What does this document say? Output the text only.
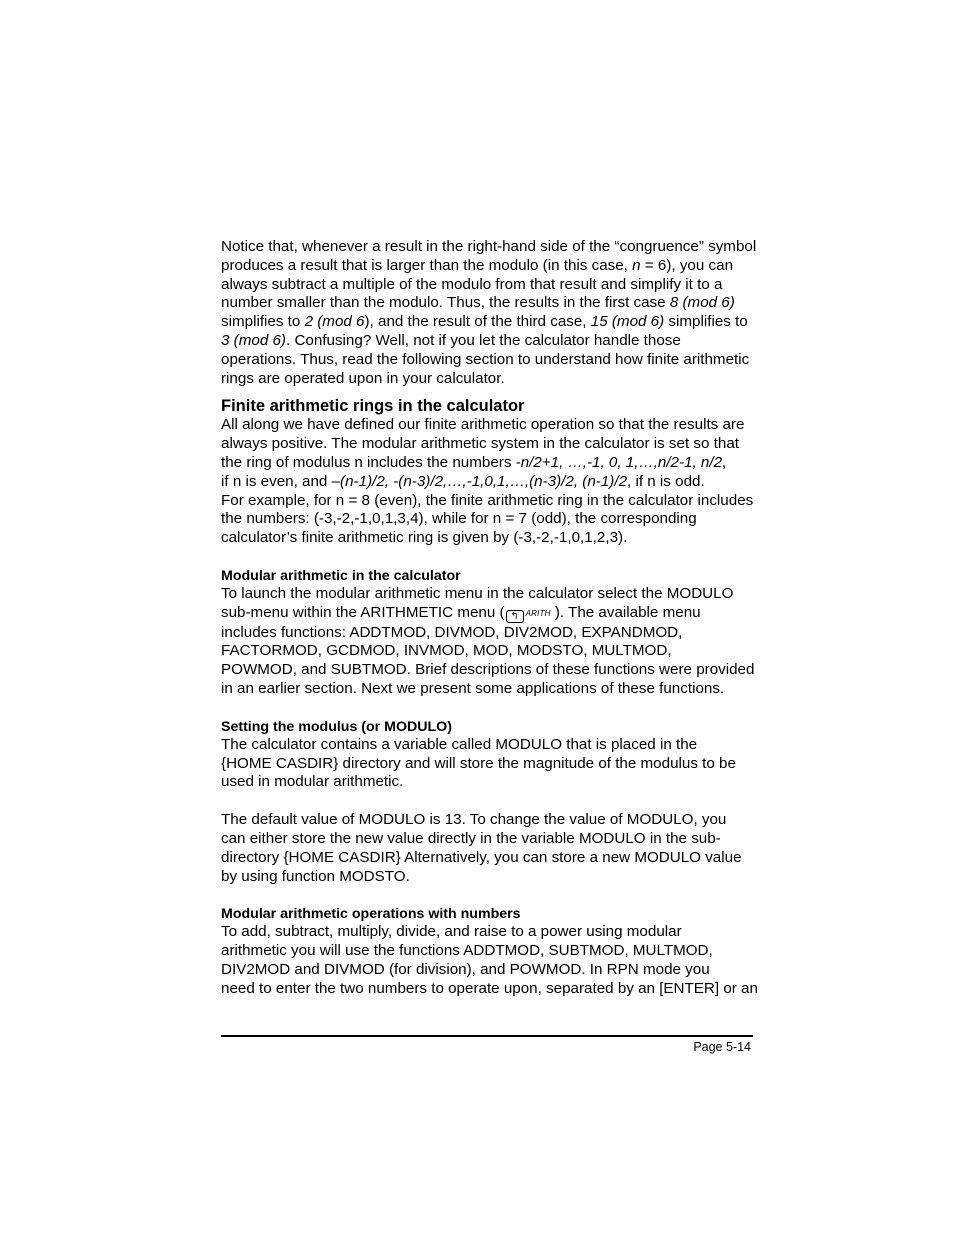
Notice that, whenever a result in the right-hand side of the “congruence” symbol
produces a result that is larger than the modulo (in this case, n = 6), you can
always subtract a multiple of the modulo from that result and simplify it to a
number smaller than the modulo. Thus, the results in the first case 8 (mod 6)
simplifies to 2 (mod 6), and the result of the third case, 15 (mod 6) simplifies to
3 (mod 6). Confusing? Well, not if you let the calculator handle those
operations. Thus, read the following section to understand how finite arithmetic
rings are operated upon in your calculator.

Finite arithmetic rings in the calculator

All along we have defined our finite arithmetic operation so that the results are
always positive. The modular arithmetic system in the calculator is set so that
the ring of modulus n includes the numbers -n/2+1, …,-1, 0, 1,…,n/2-1, n/2,
if n is even, and –(n-1)/2, -(n-3)/2,…,-1,0,1,…,(n-3)/2, (n-1)/2, if n is odd.
For example, for n = 8 (even), the finite arithmetic ring in the calculator includes
the numbers: (-3,-2,-1,0,1,3,4), while for n = 7 (odd), the corresponding
calculator’s finite arithmetic ring is given by (-3,-2,-1,0,1,2,3).

Modular arithmetic in the calculator

To launch the modular arithmetic menu in the calculator select the MODULO
sub-menu within the ARITHMETIC menu ( ↰ ARITH ). The available menu
includes functions: ADDTMOD, DIVMOD, DIV2MOD, EXPANDMOD,
FACTORMOD, GCDMOD, INVMOD, MOD, MODSTO, MULTMOD,
POWMOD, and SUBTMOD. Brief descriptions of these functions were provided
in an earlier section. Next we present some applications of these functions.

Setting the modulus (or MODULO)

The calculator contains a variable called MODULO that is placed in the
{HOME CASDIR} directory and will store the magnitude of the modulus to be
used in modular arithmetic.

The default value of MODULO is 13. To change the value of MODULO, you
can either store the new value directly in the variable MODULO in the sub-
directory {HOME CASDIR} Alternatively, you can store a new MODULO value
by using function MODSTO.

Modular arithmetic operations with numbers

To add, subtract, multiply, divide, and raise to a power using modular
arithmetic you will use the functions ADDTMOD, SUBTMOD, MULTMOD,
DIV2MOD and DIVMOD (for division), and POWMOD. In RPN mode you
need to enter the two numbers to operate upon, separated by an [ENTER] or an

Page 5-14
